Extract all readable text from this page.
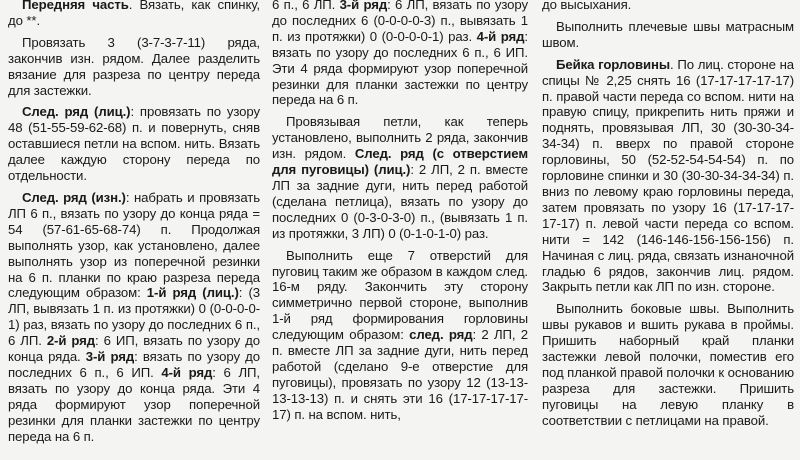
Передняя часть. Вязать, как спинку, до **.

Провязать 3 (3-7-3-7-11) ряда, закончив изн. рядом. Далее разделить вязание для разреза по центру переда для застежки.

След. ряд (лиц.): провязать по узору 48 (51-55-59-62-68) п. и повернуть, сняв оставшиеся петли на вспом. нить. Вязать далее каждую сторону переда по отдельности.

След. ряд (изн.): набрать и провязать ЛП 6 п., вязать по узору до конца ряда = 54 (57-61-65-68-74) п. Продолжая выполнять узор, как установлено, далее выполнять узор из поперечной резинки на 6 п. планки по краю разреза переда следующим образом: 1-й ряд (лиц.): (3 ЛП, вывязать 1 п. из протяжки) 0 (0-0-0-0-1) раз, вязать по узору до последних 6 п., 6 ЛП. 2-й ряд: 6 ИП, вязать по узору до конца ряда. 3-й ряд: вязать по узору до последних 6 п., 6 ИП. 4-й ряд: 6 ЛП, вязать по узору до конца ряда. Эти 4 ряда формируют узор поперечной резинки для планки застежки по центру переда на 6 п.

6 п., 6 ЛП. 3-й ряд: 6 ЛП, вязать по узору до последних 6 (0-0-0-0-3) п., вывязать 1 п. из протяжки) 0 (0-0-0-0-1) раз. 4-й ряд: вязать по узору до последних 6 п., 6 ИП. Эти 4 ряда формируют узор поперечной резинки для планки застежки по центру переда на 6 п.

Провязывая петли, как теперь установлено, выполнить 2 ряда, закончив изн. рядом. След. ряд (с отверстием для пуговицы) (лиц.): 2 ЛП, 2 п. вместе ЛП за задние дуги, нить перед работой (сделана петлица), вязать по узору до последних 0 (0-3-0-3-0) п., (вывязать 1 п. из протяжки, 3 ЛП) 0 (0-1-0-1-0) раз.

Выполнить еще 7 отверстий для пуговиц таким же образом в каждом след. 16-м ряду. Закончить эту сторону симметрично первой стороне, выполнив 1-й ряд формирования горловины следующим образом: след. ряд: 2 ЛП, 2 п. вместе ЛП за задние дуги, нить перед работой (сделано 9-е отверстие для пуговицы), провязать по узору 12 (13-13-13-13-13) п. и снять эти 16 (17-17-17-17-17) п. на вспом. нить,

до высыхания.

Выполнить плечевые швы матрасным швом.

Бейка горловины. По лиц. стороне на спицы № 2,25 снять 16 (17-17-17-17-17) п. правой части переда со вспом. нити на правую спицу, прикрепить нить пряжи и поднять, провязывая ЛП, 30 (30-30-34-34-34) п. вверх по правой стороне горловины, 50 (52-52-54-54-54) п. по горловине спинки и 30 (30-30-34-34-34) п. вниз по левому краю горловины переда, затем провязать по узору 16 (17-17-17-17-17) п. левой части переда со вспом. нити = 142 (146-146-156-156-156) п. Начиная с лиц. ряда, связать изнаночной гладью 6 рядов, закончив лиц. рядом. Закрыть петли как ЛП по изн. стороне.

Выполнить боковые швы. Выполнить швы рукавов и вшить рукава в проймы. Пришить наборный край планки застежки левой полочки, поместив его под планкой правой полочки к основанию разреза для застежки. Пришить пуговицы на левую планку в соответствии с петлицами на правой.
